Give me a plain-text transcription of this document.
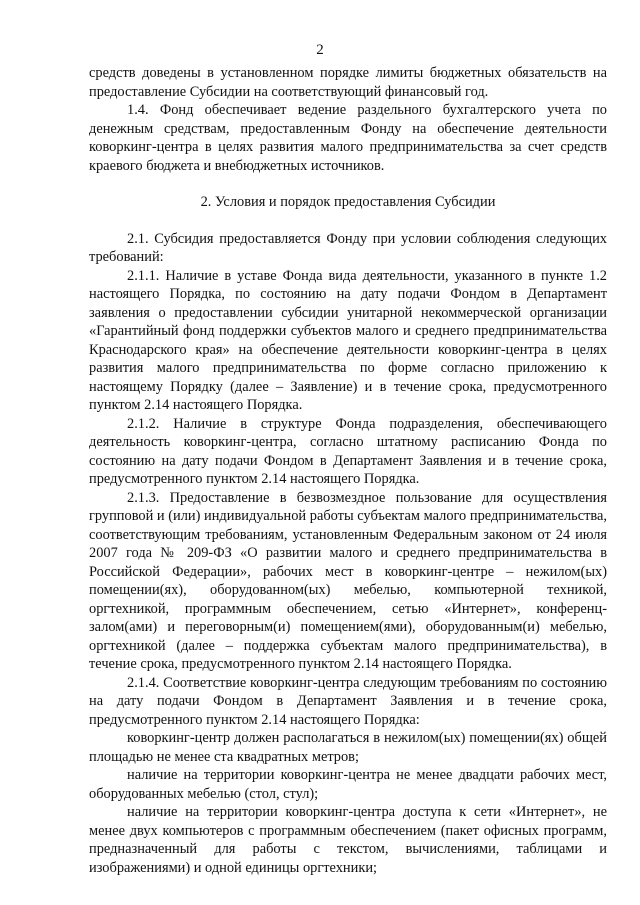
2

средств доведены в установленном порядке лимиты бюджетных обязательств на предоставление Субсидии на соответствующий финансовый год.

1.4. Фонд обеспечивает ведение раздельного бухгалтерского учета по денежным средствам, предоставленным Фонду на обеспечение деятельности коворкинг-центра в целях развития малого предпринимательства за счет средств краевого бюджета и внебюджетных источников.

2. Условия и порядок предоставления Субсидии

2.1. Субсидия предоставляется Фонду при условии соблюдения следующих требований:

2.1.1. Наличие в уставе Фонда вида деятельности, указанного в пункте 1.2 настоящего Порядка, по состоянию на дату подачи Фондом в Департамент заявления о предоставлении субсидии унитарной некоммерческой организации «Гарантийный фонд поддержки субъектов малого и среднего предпринимательства Краснодарского края» на обеспечение деятельности коворкинг-центра в целях развития малого предпринимательства по форме согласно приложению к настоящему Порядку (далее – Заявление) и в течение срока, предусмотренного пунктом 2.14 настоящего Порядка.

2.1.2. Наличие в структуре Фонда подразделения, обеспечивающего деятельность коворкинг-центра, согласно штатному расписанию Фонда по состоянию на дату подачи Фондом в Департамент Заявления и в течение срока, предусмотренного пунктом 2.14 настоящего Порядка.

2.1.3. Предоставление в безвозмездное пользование для осуществления групповой и (или) индивидуальной работы субъектам малого предпринимательства, соответствующим требованиям, установленным Федеральным законом от 24 июля 2007 года № 209-ФЗ «О развитии малого и среднего предпринимательства в Российской Федерации», рабочих мест в коворкинг-центре – нежилом(ых) помещении(ях), оборудованном(ых) мебелью, компьютерной техникой, оргтехникой, программным обеспечением, сетью «Интернет», конференц-залом(ами) и переговорным(и) помещением(ями), оборудованным(и) мебелью, оргтехникой (далее – поддержка субъектам малого предпринимательства), в течение срока, предусмотренного пунктом 2.14 настоящего Порядка.

2.1.4. Соответствие коворкинг-центра следующим требованиям по состоянию на дату подачи Фондом в Департамент Заявления и в течение срока, предусмотренного пунктом 2.14 настоящего Порядка:

коворкинг-центр должен располагаться в нежилом(ых) помещении(ях) общей площадью не менее ста квадратных метров;

наличие на территории коворкинг-центра не менее двадцати рабочих мест, оборудованных мебелью (стол, стул);

наличие на территории коворкинг-центра доступа к сети «Интернет», не менее двух компьютеров с программным обеспечением (пакет офисных программ, предназначенный для работы с текстом, вычислениями, таблицами и изображениями) и одной единицы оргтехники;
